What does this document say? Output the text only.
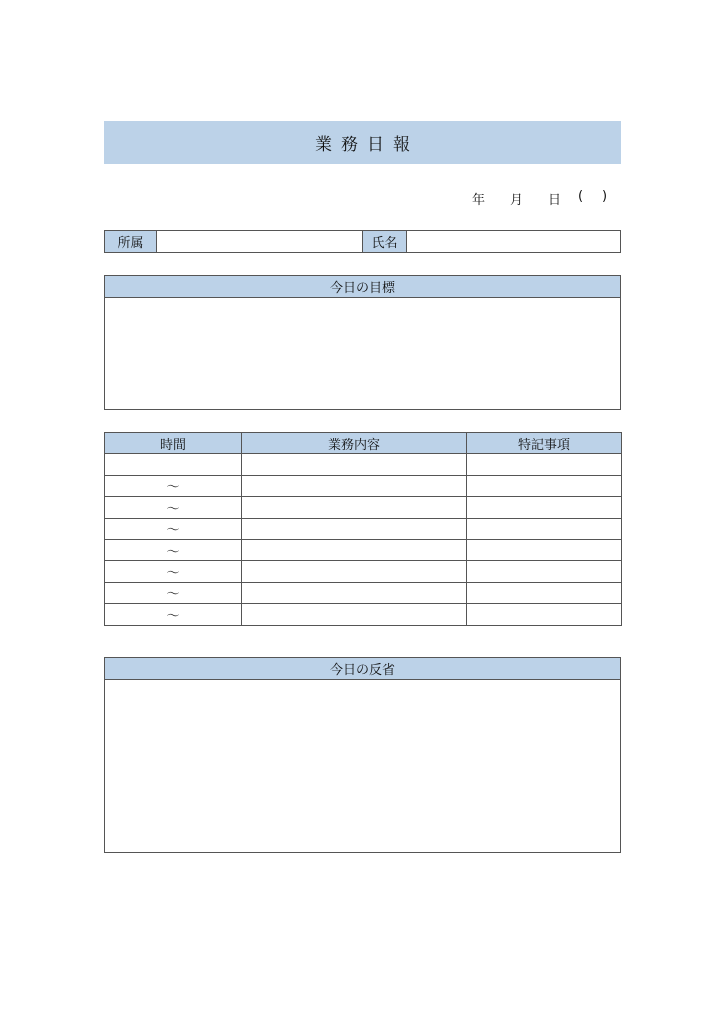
業務日報
年 月 日 ( )
所属	氏名
今日の目標
時間	業務内容	特記事項

～		
～		
～		
～		
～		
～		
～		
今日の反省
